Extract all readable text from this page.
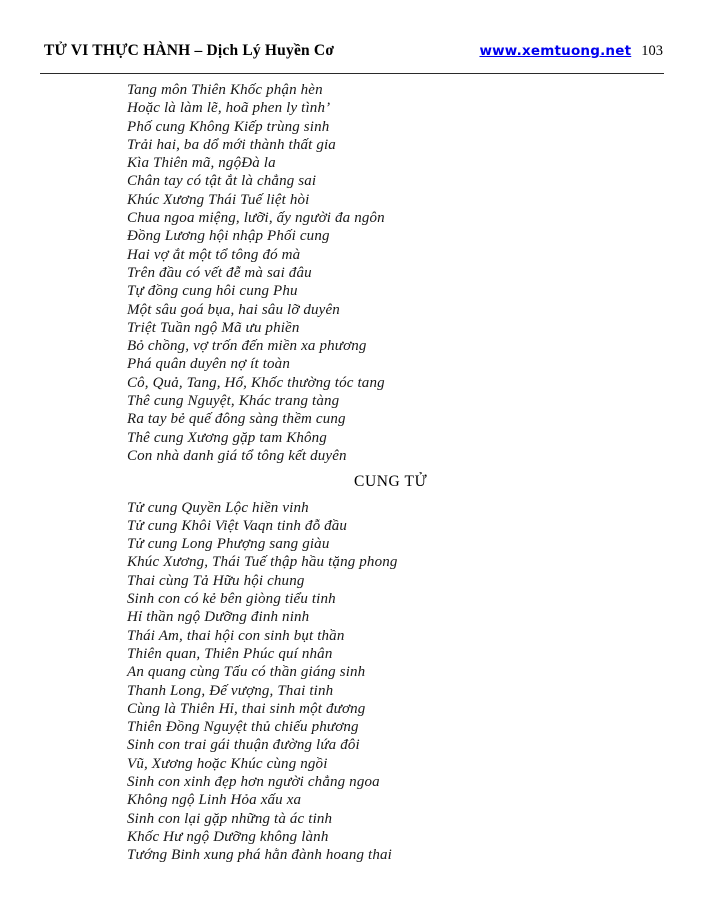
TỬ VI THỰC HÀNH – Dịch Lý Huyền Cơ	www.xemtuong.net 103
Tang môn Thiên Khốc phận hèn
Hoặc là làm lẽ, hoã phen ly tình’
Phố cung Không Kiếp trùng sinh
Trải hai, ba dổ mới thành thất gia
Kìa Thiên mã, ngộĐà la
Chân tay có tật ắt là chẳng sai
Khúc Xương Thái Tuế liệt hòi
Chua ngoa miệng, lưỡi, ấy người đa ngôn
Đồng Lương hội nhập Phối cung
Hai vợ ắt một tổ tông đó mà
Trên đầu có vết đễ mà sai đâu
Tự đồng cung hôi cung Phu
Một sâu goá bụa, hai sâu lỡ duyên
Triệt Tuần ngộ Mã ưu phiền
Bỏ chồng, vợ trốn đến miền xa phương
Phá quân duyên nợ ít toàn
Cô, Quả, Tang, Hổ, Khốc thường tóc tang
Thê cung Nguyệt, Khác trang tàng
Ra tay bẻ quế đông sàng thềm cung
Thê cung Xương gặp tam Không
Con nhà danh giá tổ tông kết duyên
CUNG TỬ
Tử cung Quyền Lộc hiền vinh
Tử cung Khôi Việt Vaqn tinh đỗ đầu
Tử cung Long Phượng sang giàu
Khúc Xương, Thái Tuế thập hầu tặng phong
Thai cùng Tả Hữu hội chung
Sinh con có kẻ bên giòng tiểu tinh
Hỉ thần ngộ Dưỡng đinh ninh
Thái Am, thai hội con sinh bụt thần
Thiên quan, Thiên Phúc quí nhân
An quang cùng Tấu có thần giáng sinh
Thanh Long, Đế vượng, Thai tinh
Cùng là Thiên Hỉ, thai sinh một đương
Thiên Đồng Nguyệt thủ chiếu phương
Sinh con trai gái thuận đường lứa đôi
Vũ, Xương hoặc Khúc cùng ngồi
Sinh con xinh đẹp hơn người chẳng ngoa
Không ngộ Linh Hỏa xấu xa
Sinh con lại gặp những tà ác tinh
Khốc Hư ngộ Dưỡng không lành
Tướng Binh xung phá hằn đành hoang thai
